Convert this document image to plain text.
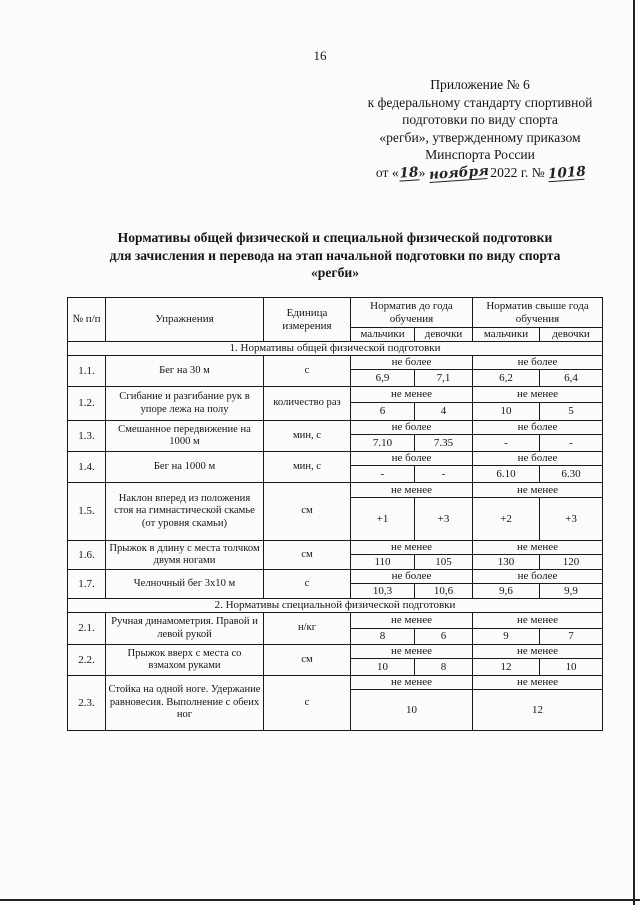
16
Приложение № 6
к федеральному стандарту спортивной
подготовки по виду спорта
«регби», утвержденному приказом
Минспорта России
от «18» ноября 2022 г. № 1018
Нормативы общей физической и специальной физической подготовки
для зачисления и перевода на этап начальной подготовки по виду спорта
«регби»
№ п/п	Упражнения	Единица измерения	Норматив до года обучения		Норматив свыше года обучения	
			мальчики	девочки	мальчики	девочки
1. Нормативы общей физической подготовки						
1.1.	Бег на 30 м	с	не более		не более	
			6,9	7,1	6,2	6,4
1.2.	Сгибание и разгибание рук в упоре лежа на полу	количество раз	не менее		не менее	
			6	4	10	5
1.3.	Смешанное передвижение на 1000 м	мин, с	не более		не более	
			7.10	7.35	-	-
1.4.	Бег на 1000 м	мин, с	не более		не более	
			-	-	6.10	6.30
1.5.	Наклон вперед из положения стоя на гимнастической скамье (от уровня скамьи)	см	не менее		не менее	
			+1	+3	+2	+3
1.6.	Прыжок в длину с места толчком двумя ногами	см	не менее		не менее	
			110	105	130	120
1.7.	Челночный бег 3х10 м	с	не более		не более	
			10,3	10,6	9,6	9,9
2. Нормативы специальной физической подготовки						
2.1.	Ручная динамометрия. Правой и левой рукой	н/кг	не менее		не менее	
			8	6	9	7
2.2.	Прыжок вверх с места со взмахом руками	см	не менее		не менее	
			10	8	12	10
2.3.	Стойка на одной ноге. Удержание равновесия. Выполнение с обеих ног	с	не менее		не менее	
			10		12	
